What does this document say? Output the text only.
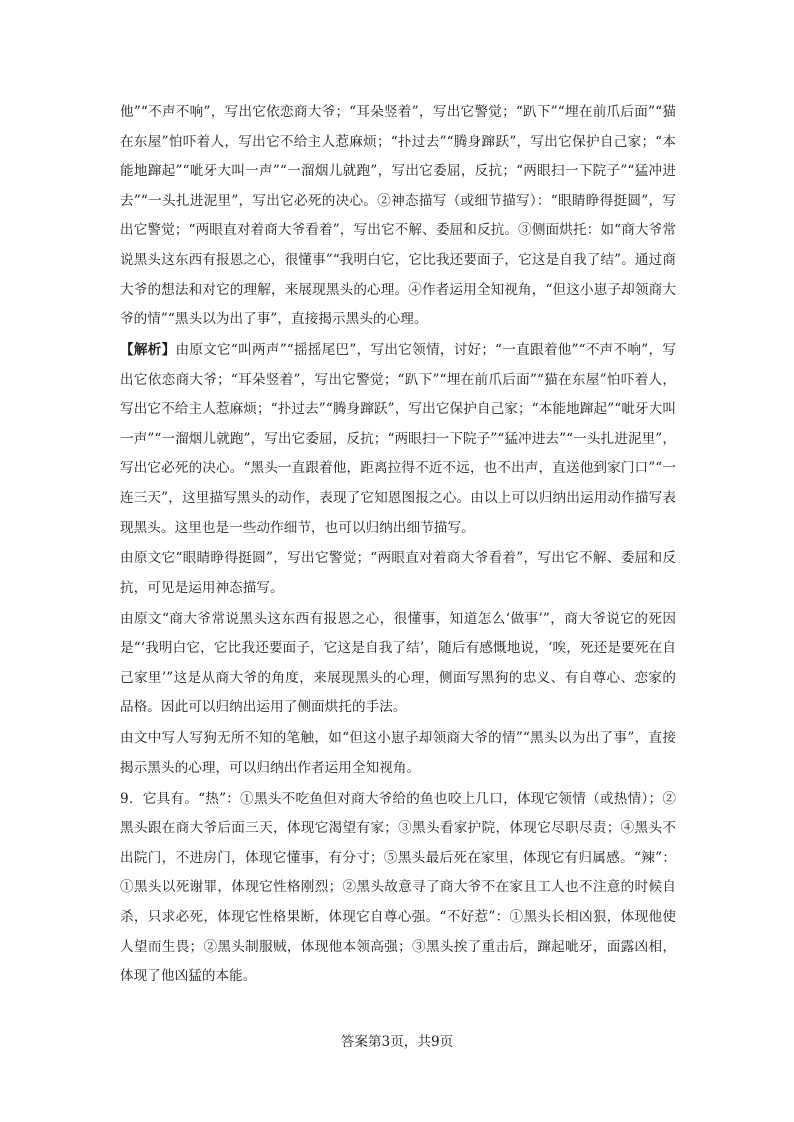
他”“不声不响”，写出它依恋商大爷；“耳朵竖着”，写出它警觉；“趴下”“埋在前爪后面”“猫在东屋”怕吓着人，写出它不给主人惹麻烦；“扑过去”“腾身蹿跃”，写出它保护自己家；“本能地蹿起”“呲牙大叫一声”“一溜烟儿就跑”，写出它委屈，反抗；“两眼扫一下院子”“猛冲进去”“一头扎进泥里”，写出它必死的决心。②神态描写（或细节描写）：“眼睛睁得挺圆”，写出它警觉；“两眼直对着商大爷看着”，写出它不解、委屈和反抗。③侧面烘托：如“商大爷常说黑头这东西有报恩之心，很懂事”“我明白它，它比我还要面子，它这是自我了结”。通过商大爷的想法和对它的理解，来展现黑头的心理。④作者运用全知视角，“但这小崽子却领商大爷的情”“黑头以为出了事”，直接揭示黑头的心理。

【解析】由原文它“叫两声”“摇摇尾巴”，写出它领情，讨好；“一直跟着他”“不声不响”，写出它依恋商大爷；“耳朵竖着”，写出它警觉；“趴下”“埋在前爪后面”“猫在东屋”怕吓着人，写出它不给主人惹麻烦；“扑过去”“腾身蹿跃”，写出它保护自己家；“本能地蹿起”“呲牙大叫一声”“一溜烟儿就跑”，写出它委屈，反抗；“两眼扫一下院子”“猛冲进去”“一头扎进泥里”，写出它必死的决心。“黑头一直跟着他，距离拉得不近不远，也不出声，直送他到家门口”“一连三天”，这里描写黑头的动作，表现了它知恩图报之心。由以上可以归纳出运用动作描写表现黑头。这里也是一些动作细节，也可以归纳出细节描写。

由原文它“眼睛睁得挺圆”，写出它警觉；“两眼直对着商大爷看着”，写出它不解、委屈和反抗，可见是运用神态描写。

由原文“商大爷常说黑头这东西有报恩之心，很懂事，知道怎么‘做事’”，商大爷说它的死因是“‘我明白它，它比我还要面子，它这是自我了结’，随后有感慨地说，‘唉，死还是要死在自己家里’”这是从商大爷的角度，来展现黑头的心理，侧面写黑狗的忠义、有自尊心、恋家的品格。因此可以归纳出运用了侧面烘托的手法。

由文中写人写狗无所不知的笔触，如“但这小崽子却领商大爷的情”“黑头以为出了事”，直接揭示黑头的心理，可以归纳出作者运用全知视角。

9．它具有。“热”：①黑头不吃鱼但对商大爷给的鱼也咬上几口，体现它领情（或热情）；②黑头跟在商大爷后面三天，体现它渴望有家；③黑头看家护院，体现它尽职尽责；④黑头不出院门，不进房门，体现它懂事，有分寸；⑤黑头最后死在家里，体现它有归属感。“辣”：①黑头以死谢罪，体现它性格刚烈；②黑头故意寻了商大爷不在家且工人也不注意的时候自杀，只求必死，体现它性格果断，体现它自尊心强。“不好惹”：①黑头长相凶狠，体现他使人望而生畏；②黑头制服贼，体现他本领高强；③黑头挨了重击后，蹿起呲牙，面露凶相，体现了他凶猛的本能。

答案第3页，共9页
